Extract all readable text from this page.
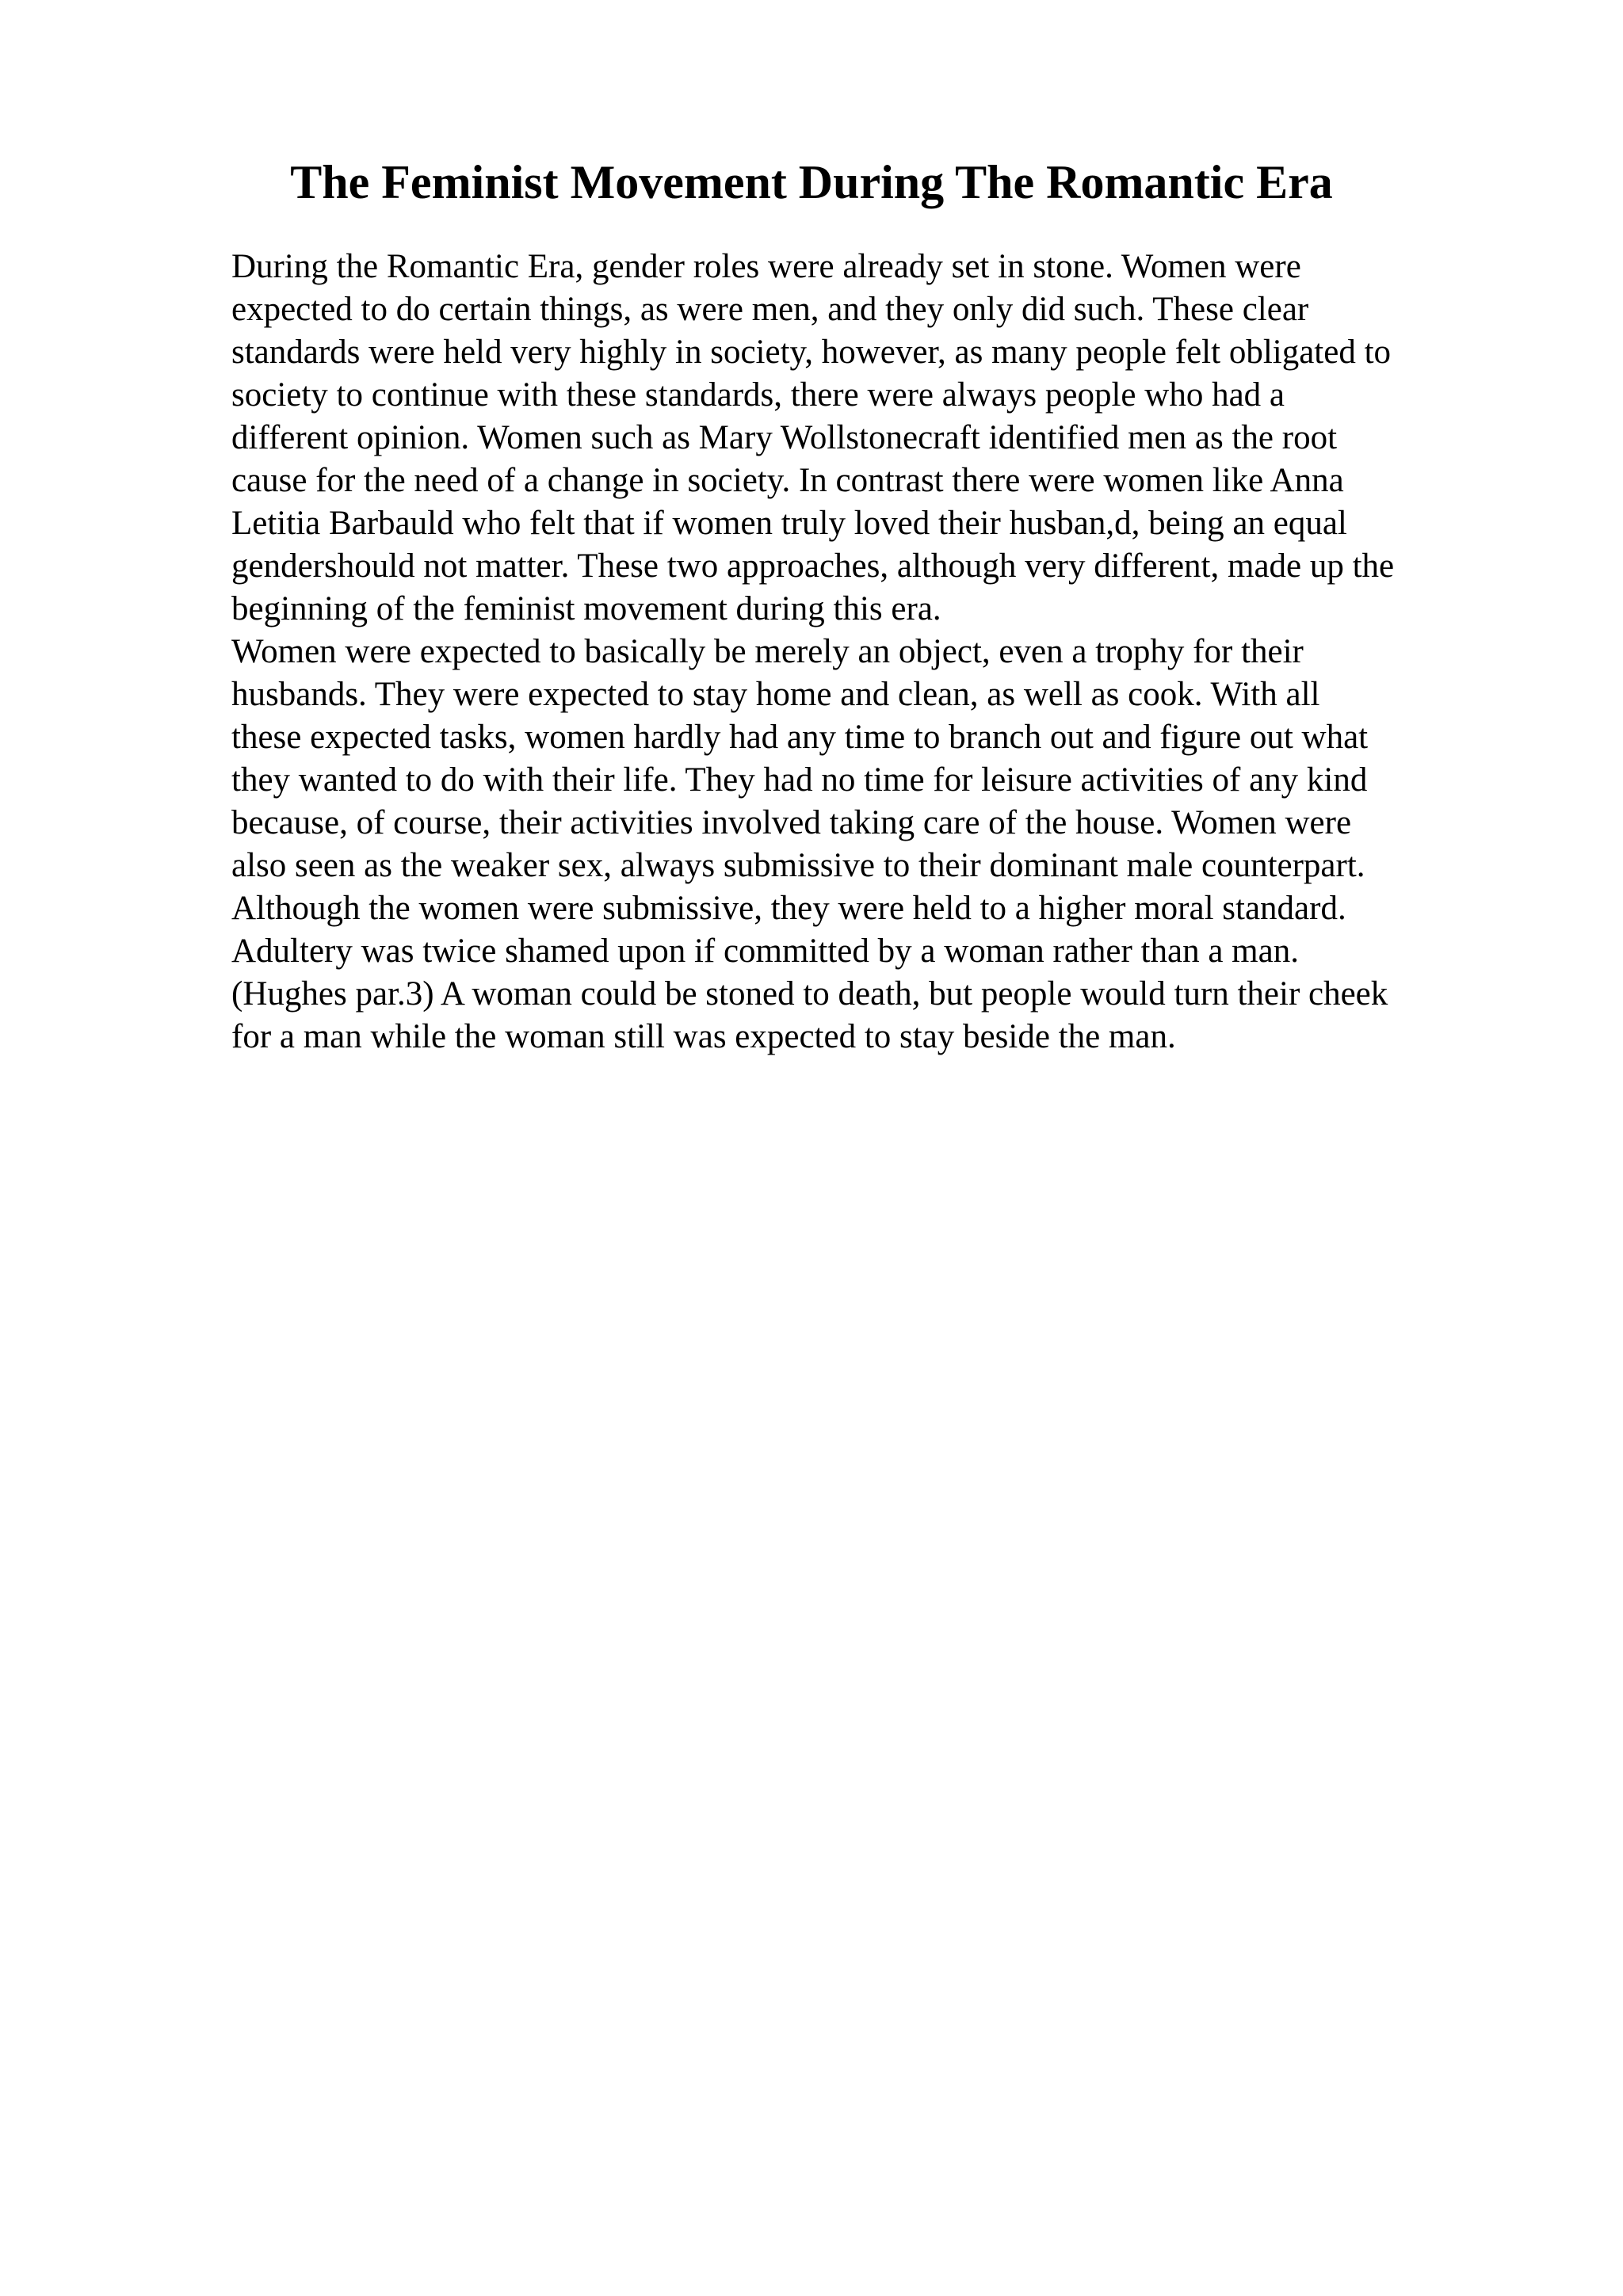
The Feminist Movement During The Romantic Era
During the Romantic Era, gender roles were already set in stone. Women were
expected to do certain things, as were men, and they only did such. These clear
standards were held very highly in society, however, as many people felt obligated to
society to continue with these standards, there were always people who had a
different opinion. Women such as Mary Wollstonecraft identified men as the root
cause for the need of a change in society. In contrast there were women like Anna
Letitia Barbauld who felt that if women truly loved their husban,d, being an equal
gendershould not matter. These two approaches, although very different, made up the
beginning of the feminist movement during this era.
Women were expected to basically be merely an object, even a trophy for their
husbands. They were expected to stay home and clean, as well as cook. With all
these expected tasks, women hardly had any time to branch out and figure out what
they wanted to do with their life. They had no time for leisure activities of any kind
because, of course, their activities involved taking care of the house. Women were
also seen as the weaker sex, always submissive to their dominant male counterpart.
Although the women were submissive, they were held to a higher moral standard.
Adultery was twice shamed upon if committed by a woman rather than a man.
(Hughes par.3) A woman could be stoned to death, but people would turn their cheek
for a man while the woman still was expected to stay beside the man.
